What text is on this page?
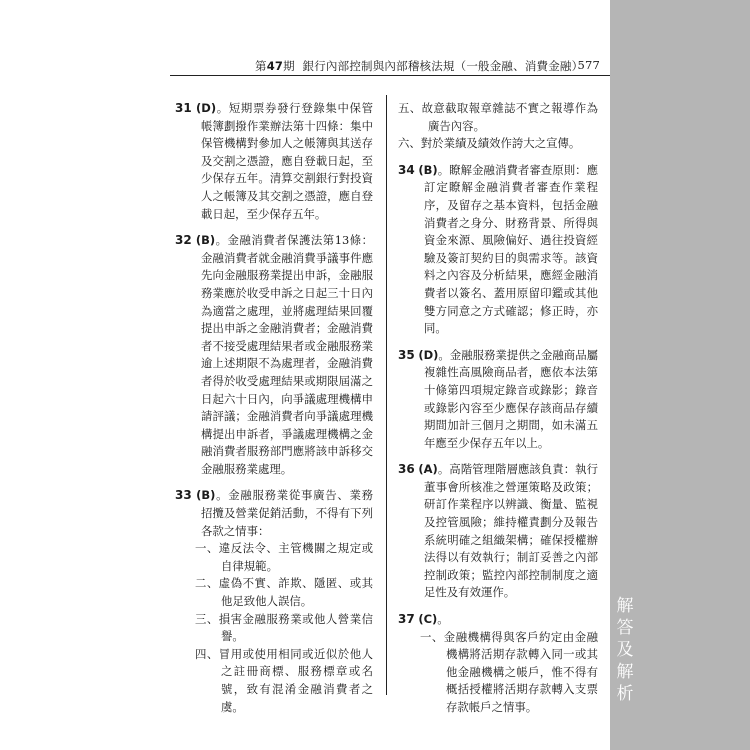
第47期 銀行內部控制與內部稽核法規（一般金融、消費金融）
577
31 (D)。短期票券發行登錄集中保管帳簿劃撥作業辦法第十四條：集中保管機構對參加人之帳簿與其送存及交割之憑證，應自登載日起，至少保存五年。清算交割銀行對投資人之帳簿及其交割之憑證，應自登載日起，至少保存五年。
32 (B)。金融消費者保護法第13條：金融消費者就金融消費爭議事件應先向金融服務業提出申訴，金融服務業應於收受申訴之日起三十日內為適當之處理，並將處理結果回覆提出申訴之金融消費者；金融消費者不接受處理結果者或金融服務業逾上述期限不為處理者，金融消費者得於收受處理結果或期限屆滿之日起六十日內，向爭議處理機構申請評議；金融消費者向爭議處理機構提出申訴者，爭議處理機構之金融消費者服務部門應將該申訴移交金融服務業處理。
33 (B)。金融服務業從事廣告、業務招攬及營業促銷活動，不得有下列各款之情事：
一、違反法令、主管機關之規定或自律規範。
二、虛偽不實、詐欺、隱匿、或其他足致他人誤信。
三、損害金融服務業或他人營業信譽。
四、冒用或使用相同或近似於他人之註冊商標、服務標章或名號，致有混淆金融消費者之虞。
五、故意截取報章雜誌不實之報導作為廣告內容。
六、對於業績及績效作誇大之宣傳。
34 (B)。瞭解金融消費者審查原則：應訂定瞭解金融消費者審查作業程序，及留存之基本資料，包括金融消費者之身分、財務背景、所得與資金來源、風險偏好、過往投資經驗及簽訂契約目的與需求等。該資料之內容及分析結果，應經金融消費者以簽名、蓋用原留印鑑或其他雙方同意之方式確認；修正時，亦同。
35 (D)。金融服務業提供之金融商品屬複雜性高風險商品者，應依本法第十條第四項規定錄音或錄影；錄音或錄影內容至少應保存該商品存續期間加計三個月之期間，如未滿五年應至少保存五年以上。
36 (A)。高階管理階層應該負責：執行董事會所核准之營運策略及政策；研訂作業程序以辨識、衡量、監視及控管風險；維持權責劃分及報告系統明確之組織架構；確保授權辦法得以有效執行；制訂妥善之內部控制政策；監控內部控制制度之適足性及有效運作。
37 (C)。
一、金融機構得與客戶約定由金融機構將活期存款轉入同一或其他金融機構之帳戶，惟不得有概括授權將活期存款轉入支票存款帳戶之情事。
解
答
及
解
析
